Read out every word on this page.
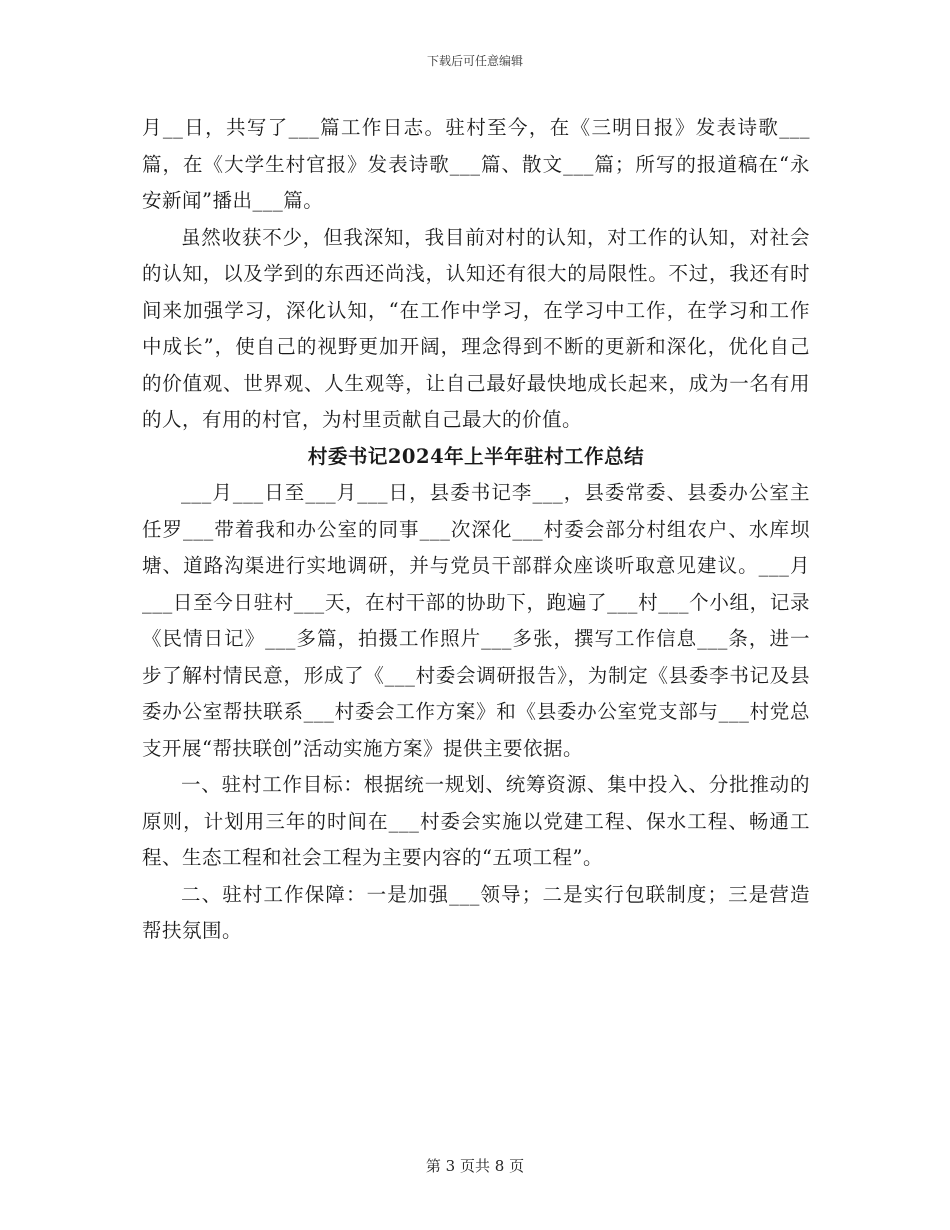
下载后可任意编辑

月__日，共写了___篇工作日志。驻村至今，在《三明日报》发表诗歌___篇，在《大学生村官报》发表诗歌___篇、散文___篇；所写的报道稿在“永安新闻”播出___篇。

虽然收获不少，但我深知，我目前对村的认知，对工作的认知，对社会的认知，以及学到的东西还尚浅，认知还有很大的局限性。不过，我还有时间来加强学习，深化认知，“在工作中学习，在学习中工作，在学习和工作中成长”，使自己的视野更加开阔，理念得到不断的更新和深化，优化自己的价值观、世界观、人生观等，让自己最好最快地成长起来，成为一名有用的人，有用的村官，为村里贡献自己最大的价值。

村委书记2024年上半年驻村工作总结

___月___日至___月___日，县委书记李___，县委常委、县委办公室主任罗___带着我和办公室的同事___次深化___村委会部分村组农户、水库坝塘、道路沟渠进行实地调研，并与党员干部群众座谈听取意见建议。___月___日至今日驻村___天，在村干部的协助下，跑遍了___村___个小组，记录《民情日记》___多篇，拍摄工作照片___多张，撰写工作信息___条，进一步了解村情民意，形成了《___村委会调研报告》，为制定《县委李书记及县委办公室帮扶联系___村委会工作方案》和《县委办公室党支部与___村党总支开展“帮扶联创”活动实施方案》提供主要依据。

一、驻村工作目标：根据统一规划、统筹资源、集中投入、分批推动的原则，计划用三年的时间在___村委会实施以党建工程、保水工程、畅通工程、生态工程和社会工程为主要内容的“五项工程”。

二、驻村工作保障：一是加强___领导；二是实行包联制度；三是营造帮扶氛围。

第 3 页共 8 页
